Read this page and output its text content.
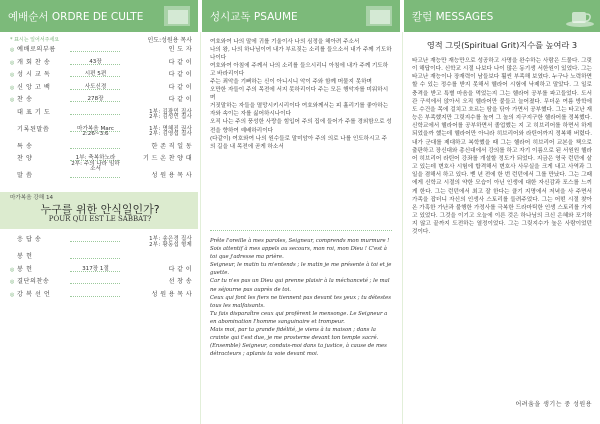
예배순서 ORDRE DE CULTE
* 표시는 일어서주세요	인도:성원용 목사
◎ 예배로의부름	인 도 자
◎ 개 회 찬 송	43장	다 같 이
◎ 성 시 교 독	시편 5편	다 같 이
◎ 신 앙 고 백	사도신경	다 같 이
◎ 찬 송	278장	다 같 이
대 표 기 도	1부: 김광민 집사
2부: 김성민 집사
기록된말씀	마가복음 Marc
2:26~3:6
1부: 명혜진 권사
2부: 김영섭 집사
특 송	한 존 직 일 동
찬 양	1부: 축복하노라
2부: 주의 나라 임하소서
기 드 온 찬 양 대
말 씀	성 원 용 목 사
마가복음 강해 14
누구를 위한 안식일인가?
POUR QUI EST LE SABBAT?
응 답 송	1부: 송은경 집사
2부: 황동섭 형제
봉 헌
◎ 봉 헌	317장 1절	다 같 이
◎ 결단의찬송	선 창 송
◎ 강 복 선 언	성 원 용 목 사
성시교독 PSAUME
여호와여 나의 말에 귀를 기울이사 나의 심정을 헤아려 주소서
나의 왕, 나의 하나님이여 내가 부르짖는 소리를 들으소서 내가 주께 기도하나이다
여호와여 아침에 주께서 나의 소리를 들으시리니 아침에 내가 주께 기도하고 바라리이다
주는 죄악을 기뻐하는 신이 아니시니 악이 주와 함께 머물지 못하며
오만한 자들이 주의 목전에 서지 못하리이다 주는 모든 행악자를 미워하시며
거짓말하는 자들을 멸망시키시리이다 여호와께서는 피 흘리기를 좋아하는 자와 속이는 자를 싫어하시나이다
오직 나는 주의 풍성한 사랑을 힘입어 주의 집에 들어가 주를 경외함으로 성전을 향하여 예배하리이다
(다같이) 여호와여 나의 원수들로 말미암아 주의 의로 나를 인도하시고 주의 길을 내 목전에 곧게 하소서
Prête l'oreille à mes paroles, Seigneur, comprends mon murmure !
Sois attentif à mes appels au secours, mon roi, mon Dieu ! C'est à toi que j'adresse ma prière.
Seigneur, le matin tu m'entends ; le matin je me présente à toi et je guette.
Car tu n'es pas un Dieu qui prenne plaisir à la méchanceté ; le mal ne séjourne pas auprès de toi.
Ceux qui font les fiers ne tiennent pas devant tes yeux ; tu détestes tous les malfaisants.
Tu fais disparaître ceux qui profèrent le mensonge. Le Seigneur a en abomination l'homme sanguinaire et trompeur.
Mais moi, par ta grande fidélité, je viens à ta maison ; dans la crainte qui t'est due, je me prosterne devant ton temple sacré.
(Ensemble) Seigneur, conduis-moi dans ta justice, à cause de mes détracteurs ; aplanis ta voie devant moi.
칼럼 MESSAGES
영적 그릿(Spiritual Grit)지수를 높여라 3
타고난 재능만 재능만으로 성공하고 사명을 완수하는 사람은 드물다. 그릿이 해답이다. 신학교 시절 나보다 나이 많은 동기생 서한원이 있었다. 그는 타고난 재능이나 장재력이 남들보다 훨씬 부족해 보였다. 누구나 노력하면 할 수 있는 정수를 받지 못해서 헬라어 시험에 낙제하고 말았다. 그 일로 충격을 받고 특별 마음을 먹었는지 그는 헬라어 공부를 파고들었다. 도서관 구석에서 앉아서 오직 헬라어만 붙들고 늘어졌다. 무더운 여름 방학에도 수건을 목에 걸치고 흐르는 땀을 닦아 가면서 공부했다. 그는 타고난 재능은 부족했지만 그릿지수를 높여 그 놀의 지구지구한 헬라어를 정복했다. 신학교에서 헬라어를 공부하면서 졸업했는 지 고 히브리어를 하면서 하게되었을까 했는데 헬라어만 아니라 히브리어와 라틴어까지 정복해 버렸다. 내가 군대를 제대하고 복학했을 때 그는 헬라어 히브리어 교본을 책으로 출판하고 장신대와 총신대에서 강의를 하고 자기 이름으로 된 서원원 헬라어 히브리어 라틴어 강좌를 개설할 정도가 되었다. 지금은 영국 런던에 살고 있는데 변호사 시험에 합격해서 변호사 사무실을 크게 내고 사역과 그 일을 겸해서 하고 있다. 벧 년 전에 한 번 런던에서 그를 만났다. 그는 그때에게 신학교 시절의 약한 모습이 아닌 인생에 대한 자신감과 포스를 느끼게 한다. 그는 런던에서 최고 잘 한다는 클기 지명에서 저녁을 사 주면서 가족을 잡더니 자신의 인생사 스토리를 들려주었다. 그는 어떤 시절 찾아 온 가혹한 가난과 불행한 가정사를 극복한 드라마틱한 인생 스토리를 가지고 있었다. 그것을 이기고 오늘에 이른 것은 하나님의 크신 은혜와 포기하지 않고 끝까지 도전하는 열정이었다. 그는 그릿지수가 높은 사람이었던 것이다.
어려움을 생기는 중 성원용
